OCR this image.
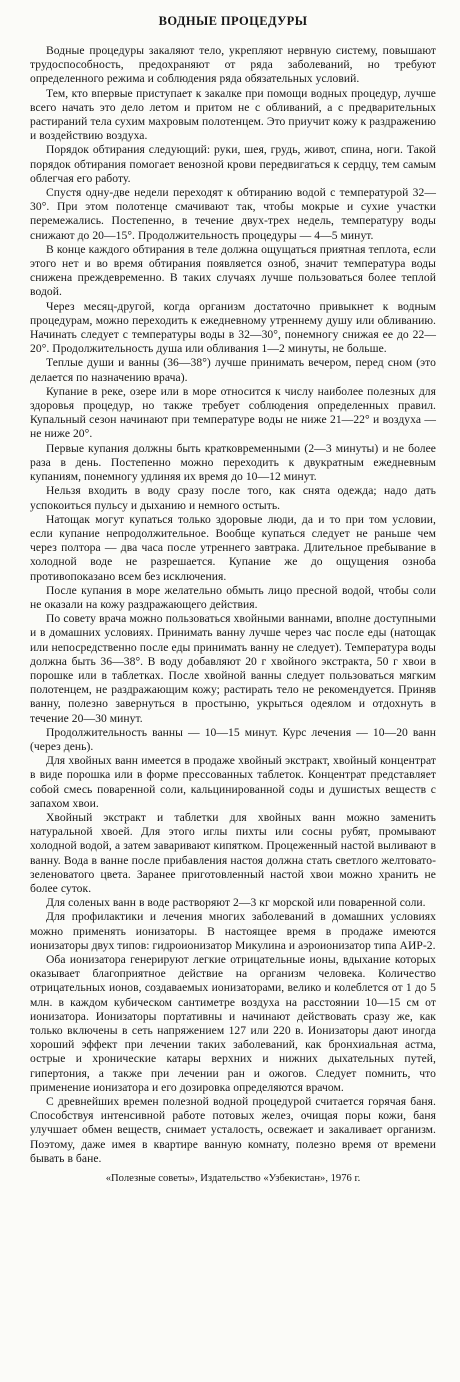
ВОДНЫЕ ПРОЦЕДУРЫ

Водные процедуры закаляют тело, укрепляют нервную систему, повышают трудоспособность, предохраняют от ряда заболеваний, но требуют определенного режима и соблюдения ряда обязательных условий.

Тем, кто впервые приступает к закалке при помощи водных процедур, лучше всего начать это дело летом и притом не с обливаний, а с предварительных растираний тела сухим махровым полотенцем. Это приучит кожу к раздражению и воздействию воздуха.

Порядок обтирания следующий: руки, шея, грудь, живот, спина, ноги. Такой порядок обтирания помогает венозной крови передвигаться к сердцу, тем самым облегчая его работу.

Спустя одну-две недели переходят к обтиранию водой с температурой 32—30°. При этом полотенце смачивают так, чтобы мокрые и сухие участки перемежались. Постепенно, в течение двух-трех недель, температуру воды снижают до 20—15°. Продолжительность процедуры — 4—5 минут.

В конце каждого обтирания в теле должна ощущаться приятная теплота, если этого нет и во время обтирания появляется озноб, значит температура воды снижена преждевременно. В таких случаях лучше пользоваться более теплой водой.

Через месяц-другой, когда организм достаточно привыкнет к водным процедурам, можно переходить к ежедневному утреннему душу или обливанию. Начинать следует с температуры воды в 32—30°, понемногу снижая ее до 22—20°. Продолжительность душа или обливания 1—2 минуты, не больше.

Теплые души и ванны (36—38°) лучше принимать вечером, перед сном (это делается по назначению врача).

Купание в реке, озере или в море относится к числу наиболее полезных для здоровья процедур, но также требует соблюдения определенных правил. Купальный сезон начинают при температуре воды не ниже 21—22° и воздуха — не ниже 20°.

Первые купания должны быть кратковременными (2—3 минуты) и не более раза в день. Постепенно можно переходить к двукратным ежедневным купаниям, понемногу удлиняя их время до 10—12 минут.

Нельзя входить в воду сразу после того, как снята одежда; надо дать успокоиться пульсу и дыханию и немного остыть.

Натощак могут купаться только здоровые люди, да и то при том условии, если купание непродолжительное. Вообще купаться следует не раньше чем через полтора — два часа после утреннего завтрака. Длительное пребывание в холодной воде не разрешается. Купание же до ощущения озноба противопоказано всем без исключения.

После купания в море желательно обмыть лицо пресной водой, чтобы соли не оказали на кожу раздражающего действия.

По совету врача можно пользоваться хвойными ваннами, вполне доступными и в домашних условиях. Принимать ванну лучше через час после еды (натощак или непосредственно после еды принимать ванну не следует). Температура воды должна быть 36—38°. В воду добавляют 20 г хвойного экстракта, 50 г хвои в порошке или в таблетках. После хвойной ванны следует пользоваться мягким полотенцем, не раздражающим кожу; растирать тело не рекомендуется. Приняв ванну, полезно завернуться в простыню, укрыться одеялом и отдохнуть в течение 20—30 минут.

Продолжительность ванны — 10—15 минут. Курс лечения — 10—20 ванн (через день).

Для хвойных ванн имеется в продаже хвойный экстракт, хвойный концентрат в виде порошка или в форме прессованных таблеток. Концентрат представляет собой смесь поваренной соли, кальцинированной соды и душистых веществ с запахом хвои.

Хвойный экстракт и таблетки для хвойных ванн можно заменить натуральной хвоей. Для этого иглы пихты или сосны рубят, промывают холодной водой, а затем заваривают кипятком. Процеженный настой выливают в ванну. Вода в ванне после прибавления настоя должна стать светлого желтовато-зеленоватого цвета. Заранее приготовленный настой хвои можно хранить не более суток.

Для соленых ванн в воде растворяют 2—3 кг морской или поваренной соли.

Для профилактики и лечения многих заболеваний в домашних условиях можно применять ионизаторы. В настоящее время в продаже имеются ионизаторы двух типов: гидроионизатор Микулина и аэроионизатор типа АИР-2.

Оба ионизатора генерируют легкие отрицательные ионы, вдыхание которых оказывает благоприятное действие на организм человека. Количество отрицательных ионов, создаваемых ионизаторами, велико и колеблется от 1 до 5 млн. в каждом кубическом сантиметре воздуха на расстоянии 10—15 см от ионизатора. Ионизаторы портативны и начинают действовать сразу же, как только включены в сеть напряжением 127 или 220 в. Ионизаторы дают иногда хороший эффект при лечении таких заболеваний, как бронхиальная астма, острые и хронические катары верхних и нижних дыхательных путей, гипертония, а также при лечении ран и ожогов. Следует помнить, что применение ионизатора и его дозировка определяются врачом.

С древнейших времен полезной водной процедурой считается горячая баня. Способствуя интенсивной работе потовых желез, очищая поры кожи, баня улучшает обмен веществ, снимает усталость, освежает и закаливает организм. Поэтому, даже имея в квартире ванную комнату, полезно время от времени бывать в бане.

«Полезные советы», Издательство «Узбекистан», 1976 г.
